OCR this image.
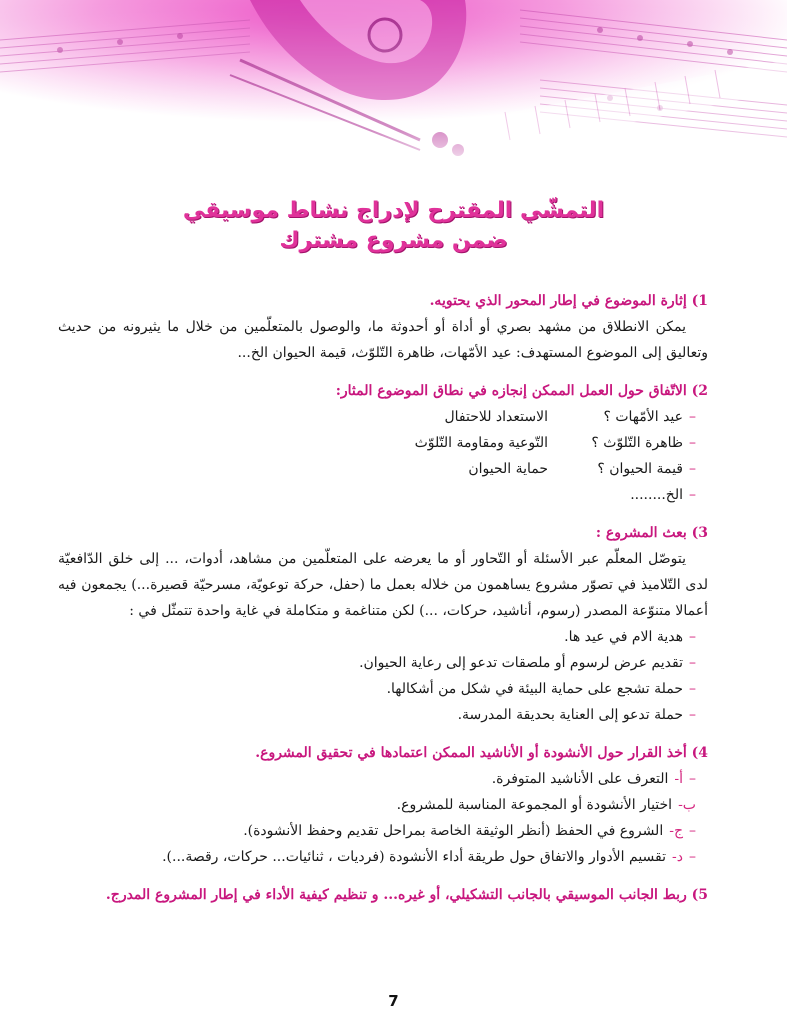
التمشّي المقترح لإدراج نشاط موسيقي
ضمن مشروع مشترك
1) إثارة الموضوع في إطار المحور الذي يحتويه.
يمكن الانطلاق من مشهد بصري أو أداة أو أحدوثة ما، والوصول بالمتعلّمين من خلال ما يثيرونه من حديث وتعاليق إلى الموضوع المستهدف: عيد الأمّهات، ظاهرة التّلوّث، قيمة الحيوان الخ...
2) الاتّفاق حول العمل الممكن إنجازه في نطاق الموضوع المثار:
–عيد الأمّهات ؟
الاستعداد للاحتفال
–ظاهرة التّلوّث ؟
التّوعية ومقاومة التّلوّث
–قيمة الحيوان ؟
حماية الحيوان
–الخ........
3) بعث المشروع :
يتوصّل المعلّم عبر الأسئلة أو التّحاور أو ما يعرضه على المتعلّمين من مشاهد، أدوات، ... إلى خلق الدّافعيّة لدى التّلاميذ في تصوّر مشروع يساهمون من خلاله بعمل ما (حفل، حركة توعويّة، مسرحيّة قصيرة...) يجمعون فيه أعمالا متنوّعة المصدر (رسوم، أناشيد، حركات، ...) لكن متناغمة و متكاملة في غاية واحدة تتمثّل في :
–هدية الام في عيد ها.
–تقديم عرض لرسوم أو ملصقات تدعو إلى رعاية الحيوان.
–حملة تشجع على حماية البيئة في شكل من أشكالها.
–حملة تدعو إلى العناية بحديقة المدرسة.
4) أخذ القرار حول الأنشودة أو الأناشيد الممكن اعتمادها في تحقيق المشروع.
–أ-التعرف على الأناشيد المتوفرة.
ب-اختيار الأنشودة أو المجموعة المناسبة للمشروع.
–ج-الشروع في الحفظ (أنظر الوثيقة الخاصة بمراحل تقديم وحفظ الأنشودة).
–د-تقسيم الأدوار والاتفاق حول طريقة أداء الأنشودة (فرديات ، ثنائيات... حركات، رقصة...).
5) ربط الجانب الموسيقي بالجانب التشكيلي، أو غيره... و تنظيم كيفية الأداء في إطار المشروع المدرج.
7
